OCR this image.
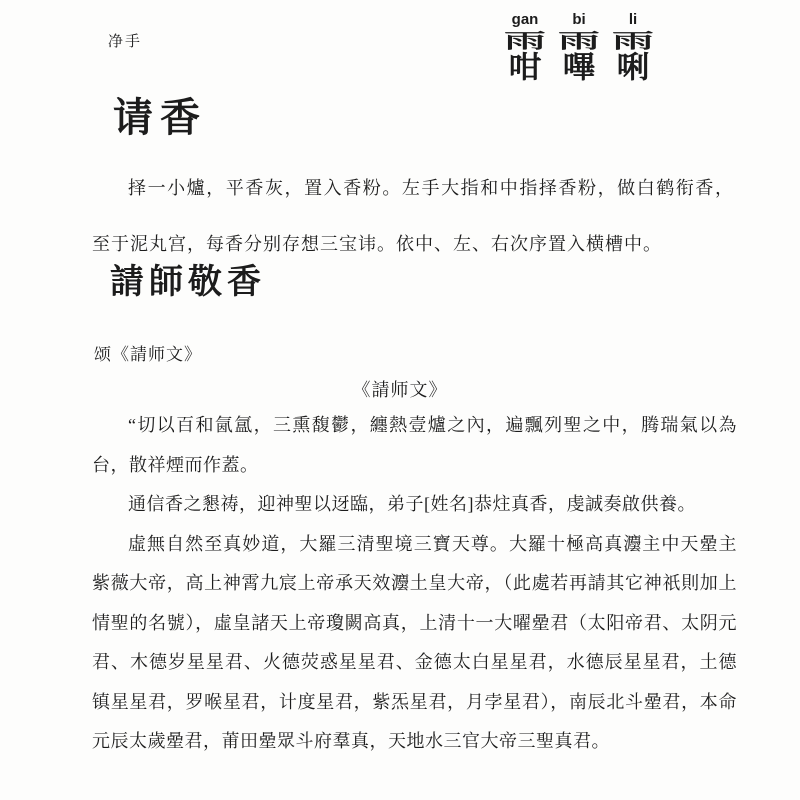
净手
gan
雨
咁
bi
雨
嗶
li
雨
唎
请香

择一小爐，平香灰，置入香粉。左手大指和中指择香粉，做白鹤衔香，至于泥丸宫，每香分别存想三宝讳。依中、左、右次序置入横槽中。

請師敬香

颂《請师文》

《請师文》

“切以百和氤氲，三熏馥鬱，纏熱壹爐之內，遍飄列聖之中，腾瑞氣以為台，散祥煙而作蓋。

通信香之懇祷，迎神聖以迓臨，弟子[姓名]恭炷真香，虔誠奏啟供養。

虛無自然至真妙道，大羅三清聖境三寶天尊。大羅十極高真灋主中天曐主紫薇大帝，高上神霄九宸上帝承天效灋土皇大帝，（此處若再請其它神祇則加上情聖的名號），虛皇諸天上帝瓊闕高真，上清十一大曜曐君（太阳帝君、太阴元君、木德岁星星君、火德荧惑星星君、金德太白星星君，水德辰星星君，土德镇星星君，罗喉星君，计度星君，紫炁星君，月孛星君），南辰北斗曐君，本命元辰太歲曐君，莆田曐眾斗府羣真，天地水三官大帝三聖真君。
